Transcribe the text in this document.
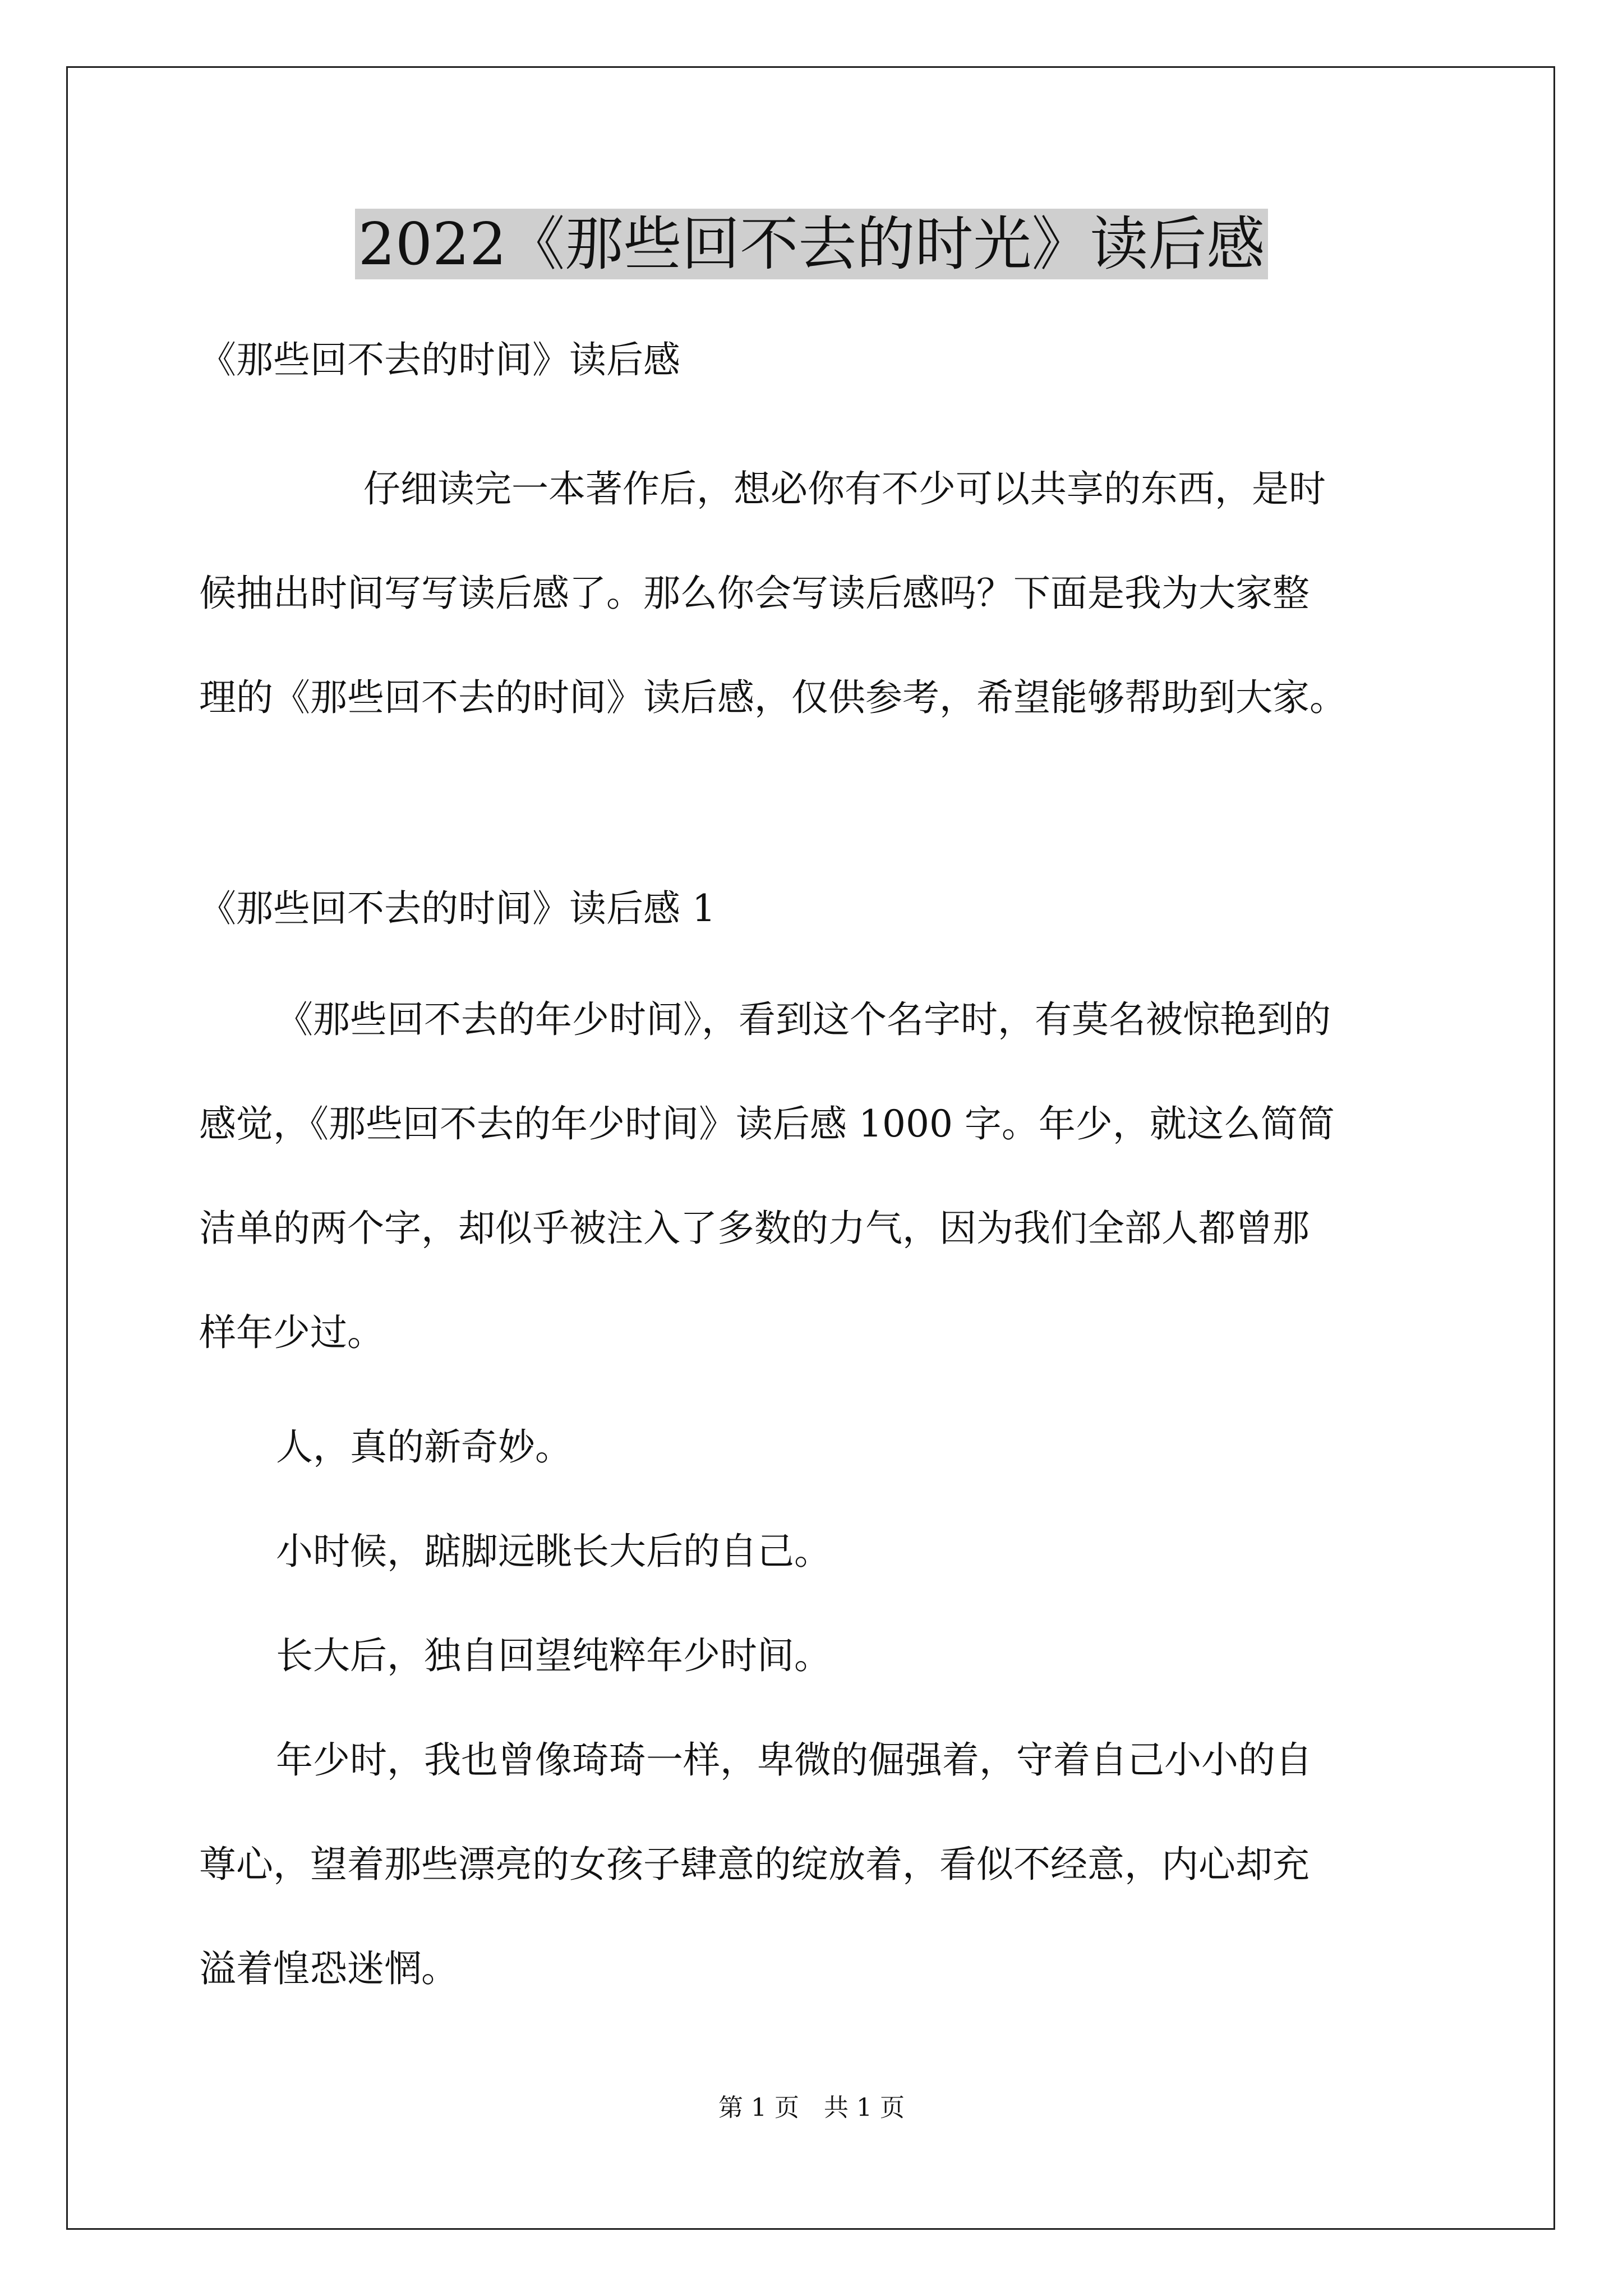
2022《那些回不去的时光》读后感
《那些回不去的时间》读后感
仔细读完一本著作后，想必你有不少可以共享的东西，是时
候抽出时间写写读后感了。那么你会写读后感吗？下面是我为大家整
理的《那些回不去的时间》读后感，仅供参考，希望能够帮助到大家。
《那些回不去的时间》读后感 1
《那些回不去的年少时间》，看到这个名字时，有莫名被惊艳到的
感觉，《那些回不去的年少时间》读后感 1000 字。年少，就这么简简
洁单的两个字，却似乎被注入了多数的力气，因为我们全部人都曾那
样年少过。
人，真的新奇妙。
小时候，踮脚远眺长大后的自己。
长大后，独自回望纯粹年少时间。
年少时，我也曾像琦琦一样，卑微的倔强着，守着自己小小的自
尊心，望着那些漂亮的女孩子肆意的绽放着，看似不经意，内心却充
溢着惶恐迷惘。
第 1 页　共 1 页
